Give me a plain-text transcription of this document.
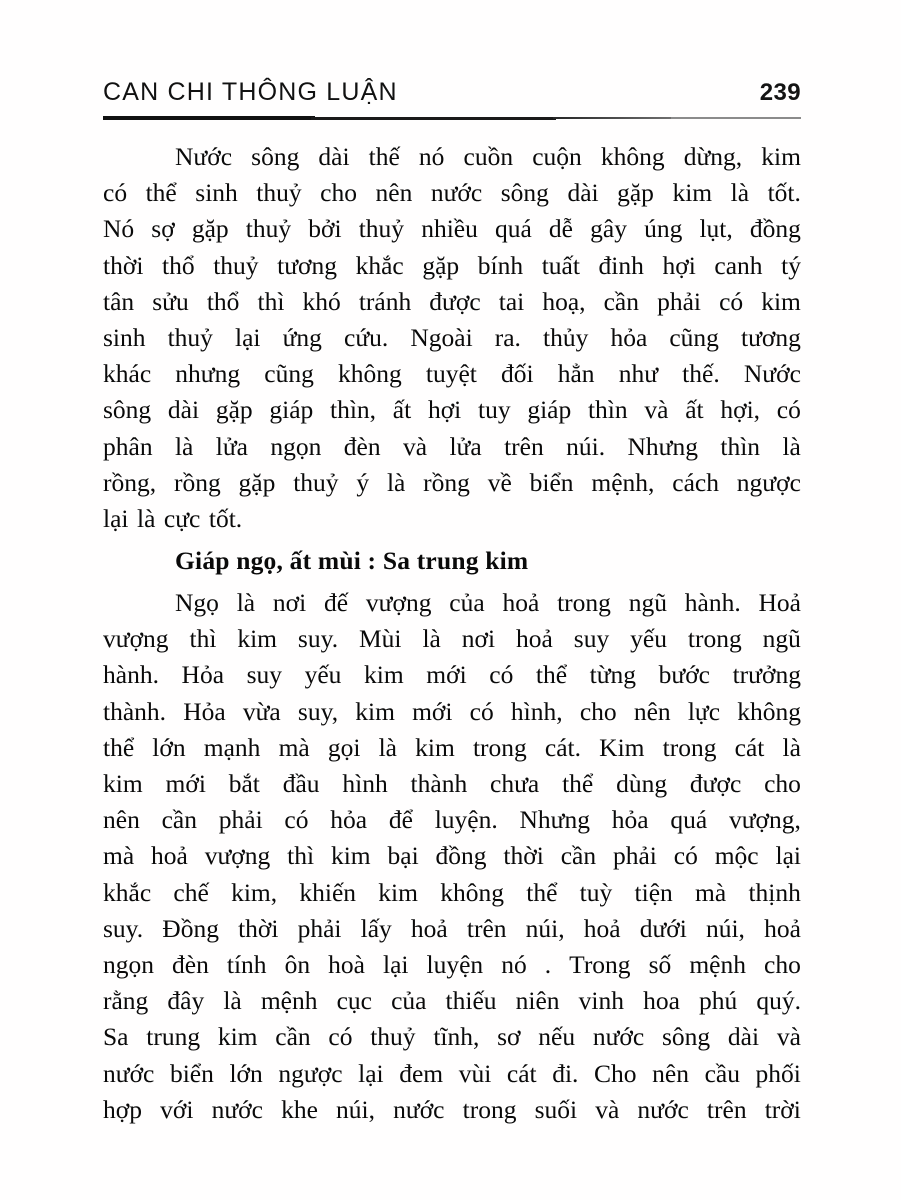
CAN CHI THÔNG LUẬN	239
Nước sông dài thế nó cuồn cuộn không dừng, kim
có thể sinh thuỷ cho nên nước sông dài gặp kim là tốt.
Nó sợ gặp thuỷ bởi thuỷ nhiều quá dễ gây úng lụt, đồng
thời thổ thuỷ tương khắc gặp bính tuất đinh hợi canh tý
tân sửu thổ thì khó tránh được tai hoạ, cần phải có kim
sinh thuỷ lại ứng cứu. Ngoài ra. thủy hỏa cũng tương
khác nhưng cũng không tuyệt đối hẳn như thế. Nước
sông dài gặp giáp thìn, ất hợi tuy giáp thìn và ất hợi, có
phân là lửa ngọn đèn và lửa trên núi. Nhưng thìn là
rồng, rồng gặp thuỷ ý là rồng về biển mệnh, cách ngược
lại là cực tốt.
Giáp ngọ, ất mùi : Sa trung kim
Ngọ là nơi đế vượng của hoả trong ngũ hành. Hoả
vượng thì kim suy. Mùi là nơi hoả suy yếu trong ngũ
hành. Hỏa suy yếu kim mới có thể từng bước trưởng
thành. Hỏa vừa suy, kim mới có hình, cho nên lực không
thể lớn mạnh mà gọi là kim trong cát. Kim trong cát là
kim mới bắt đầu hình thành chưa thể dùng được cho
nên cần phải có hỏa để luyện. Nhưng hỏa quá vượng,
mà hoả vượng thì kim bại đồng thời cần phải có mộc lại
khắc chế kim, khiến kim không thể tuỳ tiện mà thịnh
suy. Đồng thời phải lấy hoả trên núi, hoả dưới núi, hoả
ngọn đèn tính ôn hoà lại luyện nó . Trong số mệnh cho
rằng đây là mệnh cục của thiếu niên vinh hoa phú quý.
Sa trung kim cần có thuỷ tĩnh, sơ nếu nước sông dài và
nước biển lớn ngược lại đem vùi cát đi. Cho nên cầu phối
hợp với nước khe núi, nước trong suối và nước trên trời
